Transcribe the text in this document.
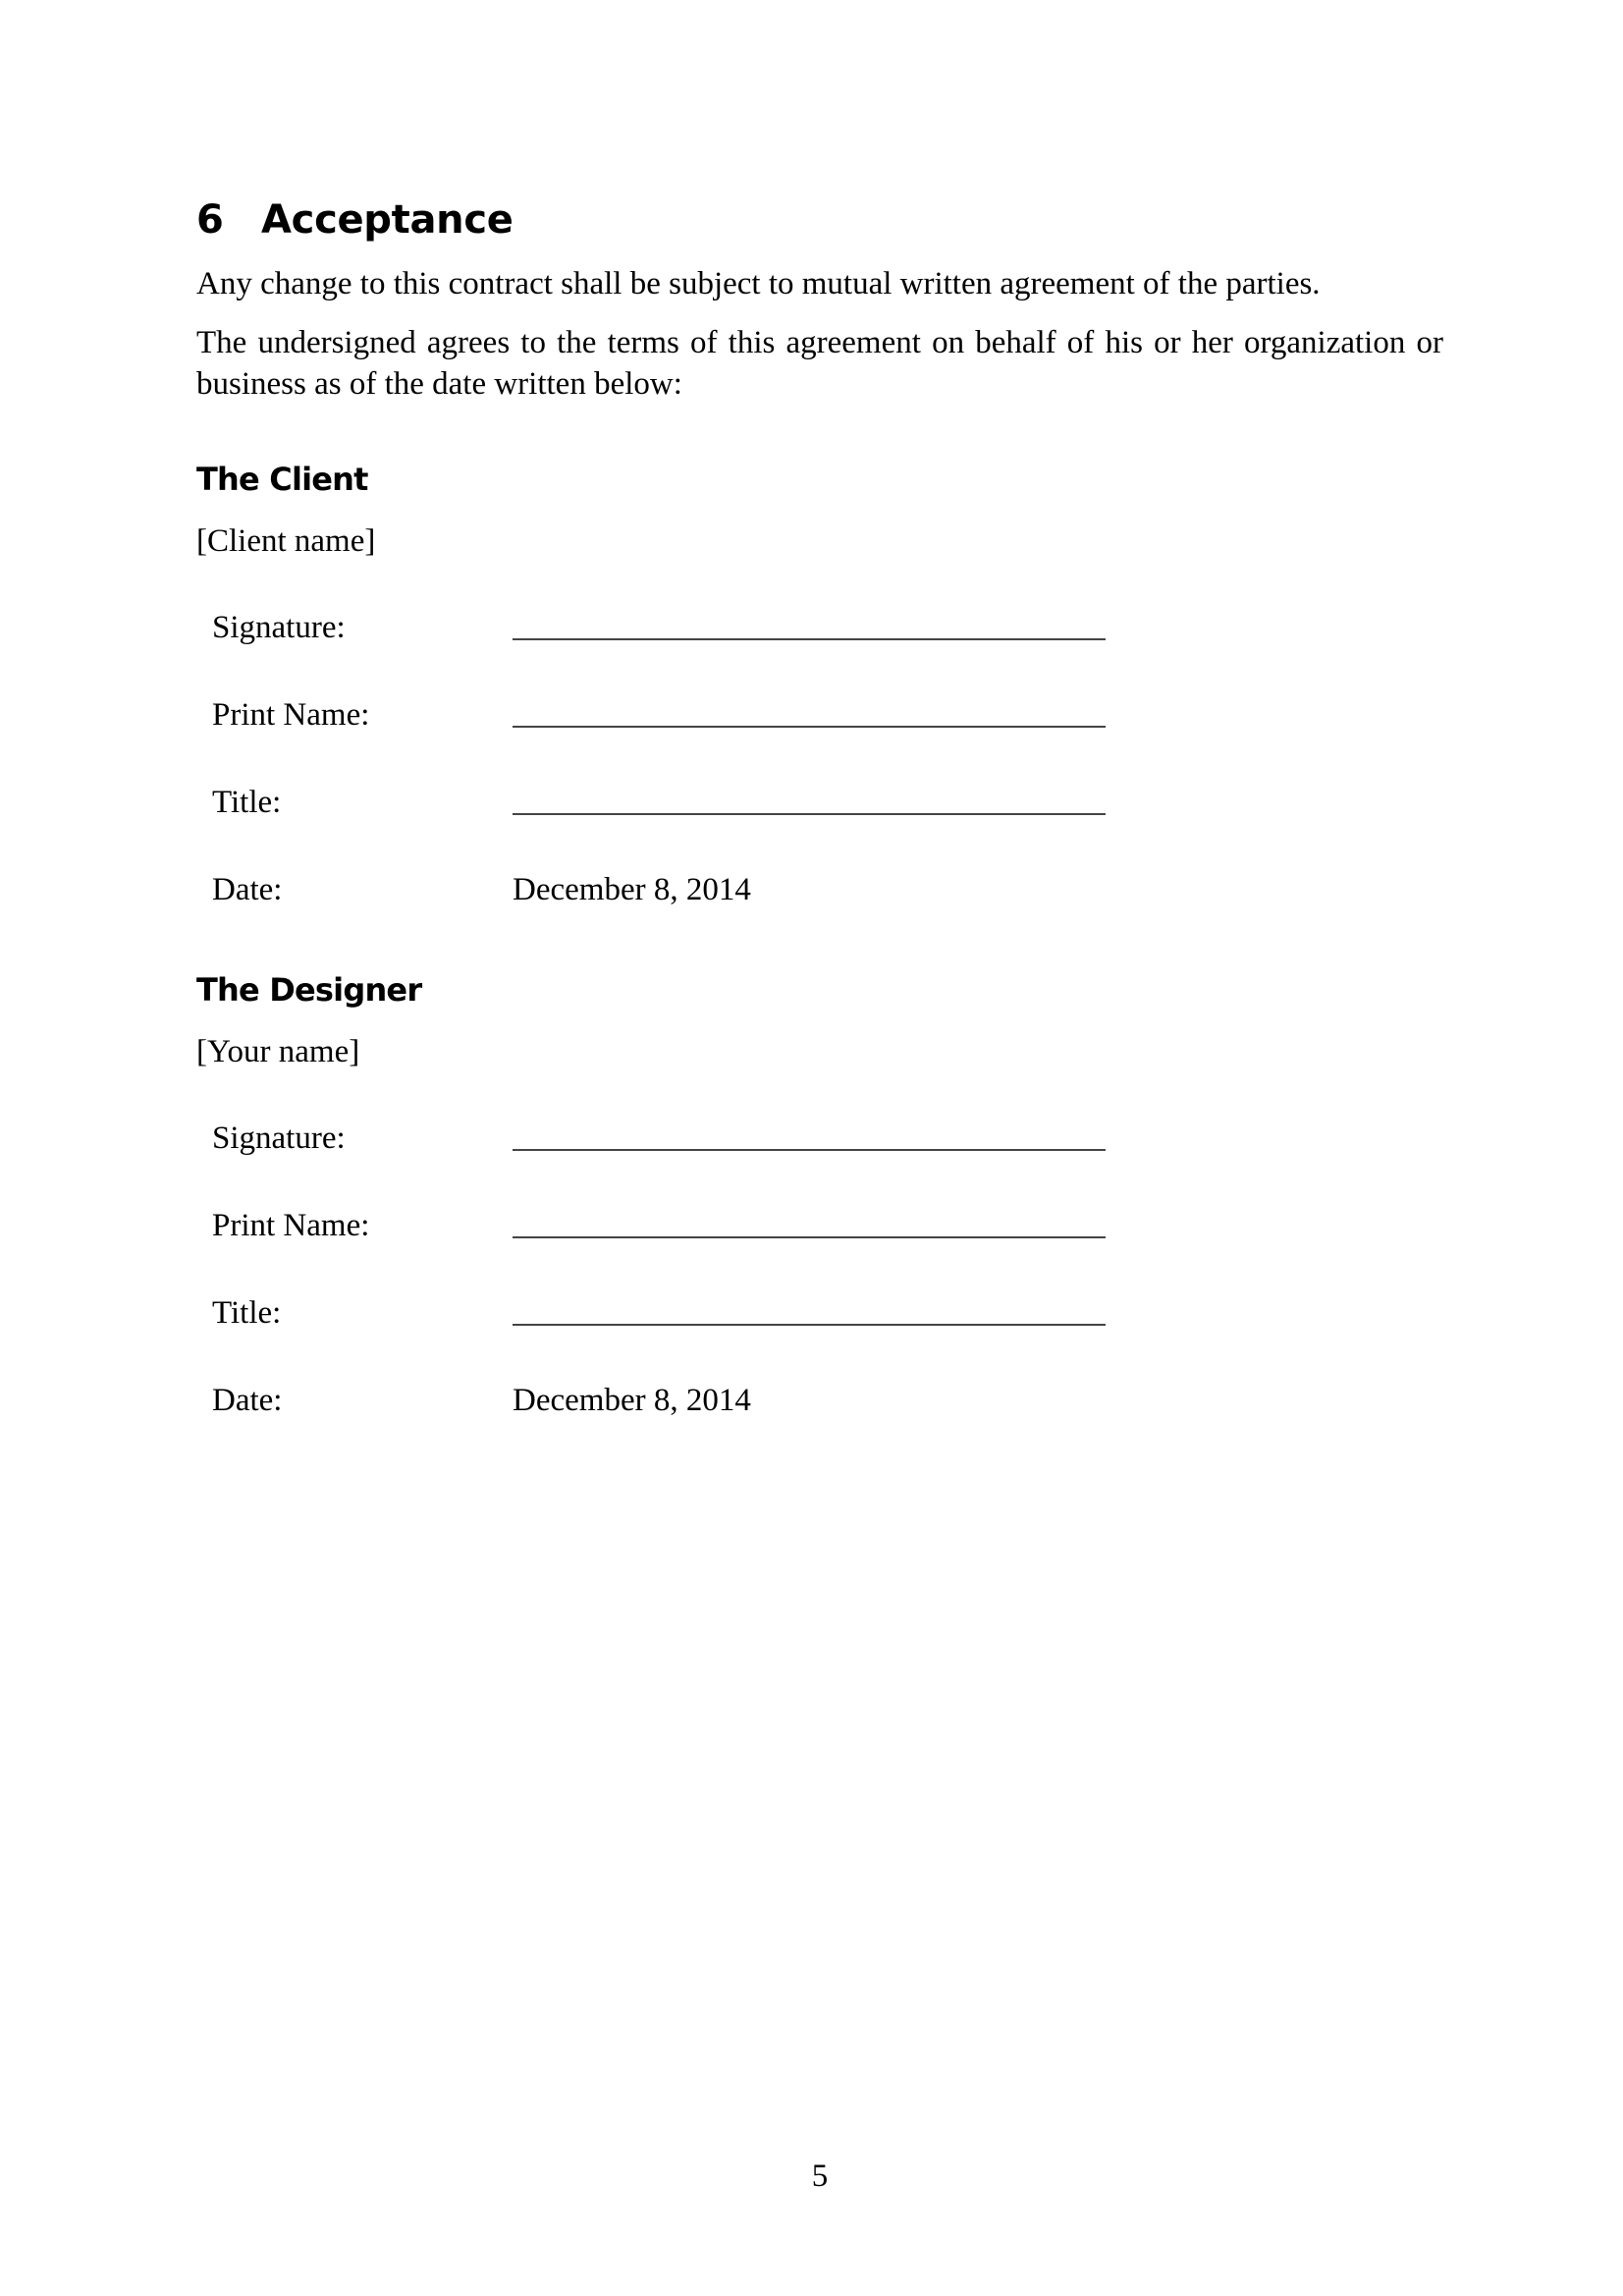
6 Acceptance
Any change to this contract shall be subject to mutual written agreement of the parties.
The undersigned agrees to the terms of this agreement on behalf of his or her organization or business as of the date written below:
The Client
[Client name]
Signature:
Print Name:
Title:
Date:	December 8, 2014
The Designer
[Your name]
Signature:
Print Name:
Title:
Date:	December 8, 2014
5
